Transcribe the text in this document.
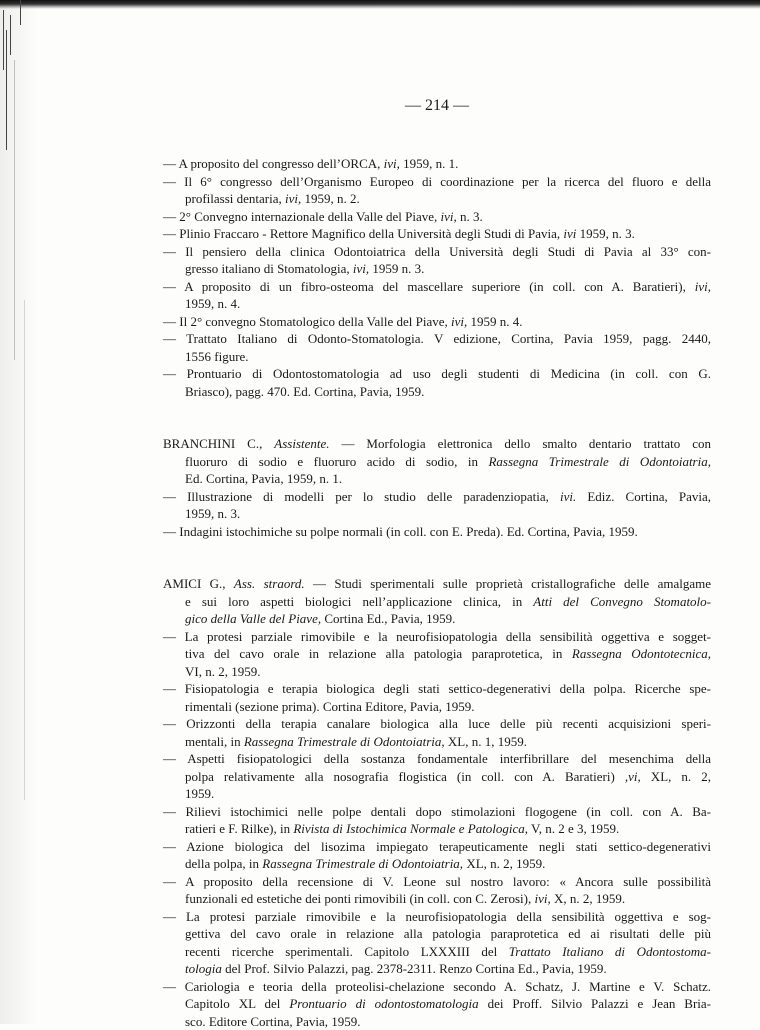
— 214 —
— A proposito del congresso dell’ORCA, ivi, 1959, n. 1.
— Il 6° congresso dell’Organismo Europeo di coordinazione per la ricerca del fluoro e della
profilassi dentaria, ivi, 1959, n. 2.
— 2° Convegno internazionale della Valle del Piave, ivi, n. 3.
— Plinio Fraccaro - Rettore Magnifico della Università degli Studi di Pavia, ivi 1959, n. 3.
— Il pensiero della clinica Odontoiatrica della Università degli Studi di Pavia al 33° con-
gresso italiano di Stomatologia, ivi, 1959 n. 3.
— A proposito di un fibro-osteoma del mascellare superiore (in coll. con A. Baratieri), ivi,
1959, n. 4.
— Il 2° convegno Stomatologico della Valle del Piave, ivi, 1959 n. 4.
— Trattato Italiano di Odonto-Stomatologia. V edizione, Cortina, Pavia 1959, pagg. 2440,
1556 figure.
— Prontuario di Odontostomatologia ad uso degli studenti di Medicina (in coll. con G.
Briasco), pagg. 470. Ed. Cortina, Pavia, 1959.
BRANCHINI C., Assistente. — Morfologia elettronica dello smalto dentario trattato con
fluoruro di sodio e fluoruro acido di sodio, in Rassegna Trimestrale di Odontoiatria,
Ed. Cortina, Pavia, 1959, n. 1.
— Illustrazione di modelli per lo studio delle paradenziopatia, ivi. Ediz. Cortina, Pavia,
1959, n. 3.
— Indagini istochimiche su polpe normali (in coll. con E. Preda). Ed. Cortina, Pavia, 1959.
AMICI G., Ass. straord. — Studi sperimentali sulle proprietà cristallografiche delle amalgame
e sui loro aspetti biologici nell’applicazione clinica, in Atti del Convegno Stomatolo-
gico della Valle del Piave, Cortina Ed., Pavia, 1959.
— La protesi parziale rimovibile e la neurofisiopatologia della sensibilità oggettiva e sogget-
tiva del cavo orale in relazione alla patologia paraprotetica, in Rassegna Odontotecnica,
VI, n. 2, 1959.
— Fisiopatologia e terapia biologica degli stati settico-degenerativi della polpa. Ricerche spe-
rimentali (sezione prima). Cortina Editore, Pavia, 1959.
— Orizzonti della terapia canalare biologica alla luce delle più recenti acquisizioni speri-
mentali, in Rassegna Trimestrale di Odontoiatria, XL, n. 1, 1959.
— Aspetti fisiopatologici della sostanza fondamentale interfibrillare del mesenchima della
polpa relativamente alla nosografia flogistica (in coll. con A. Baratieri) ,vi, XL, n. 2,
1959.
— Rilievi istochimici nelle polpe dentali dopo stimolazioni flogogene (in coll. con A. Ba-
ratieri e F. Rilke), in Rivista di Istochimica Normale e Patologica, V, n. 2 e 3, 1959.
— Azione biologica del lisozima impiegato terapeuticamente negli stati settico-degenerativi
della polpa, in Rassegna Trimestrale di Odontoiatria, XL, n. 2, 1959.
— A proposito della recensione di V. Leone sul nostro lavoro: « Ancora sulle possibilità
funzionali ed estetiche dei ponti rimovibili (in coll. con C. Zerosi), ivi, X, n. 2, 1959.
— La protesi parziale rimovibile e la neurofisiopatologia della sensibilità oggettiva e sog-
gettiva del cavo orale in relazione alla patologia paraprotetica ed ai risultati delle più
recenti ricerche sperimentali. Capitolo LXXXIII del Trattato Italiano di Odontostoma-
tologia del Prof. Silvio Palazzi, pag. 2378-2311. Renzo Cortina Ed., Pavia, 1959.
— Cariologia e teoria della proteolisi-chelazione secondo A. Schatz, J. Martine e V. Schatz.
Capitolo XL del Prontuario di odontostomatologia dei Proff. Silvio Palazzi e Jean Bria-
sco. Editore Cortina, Pavia, 1959.
